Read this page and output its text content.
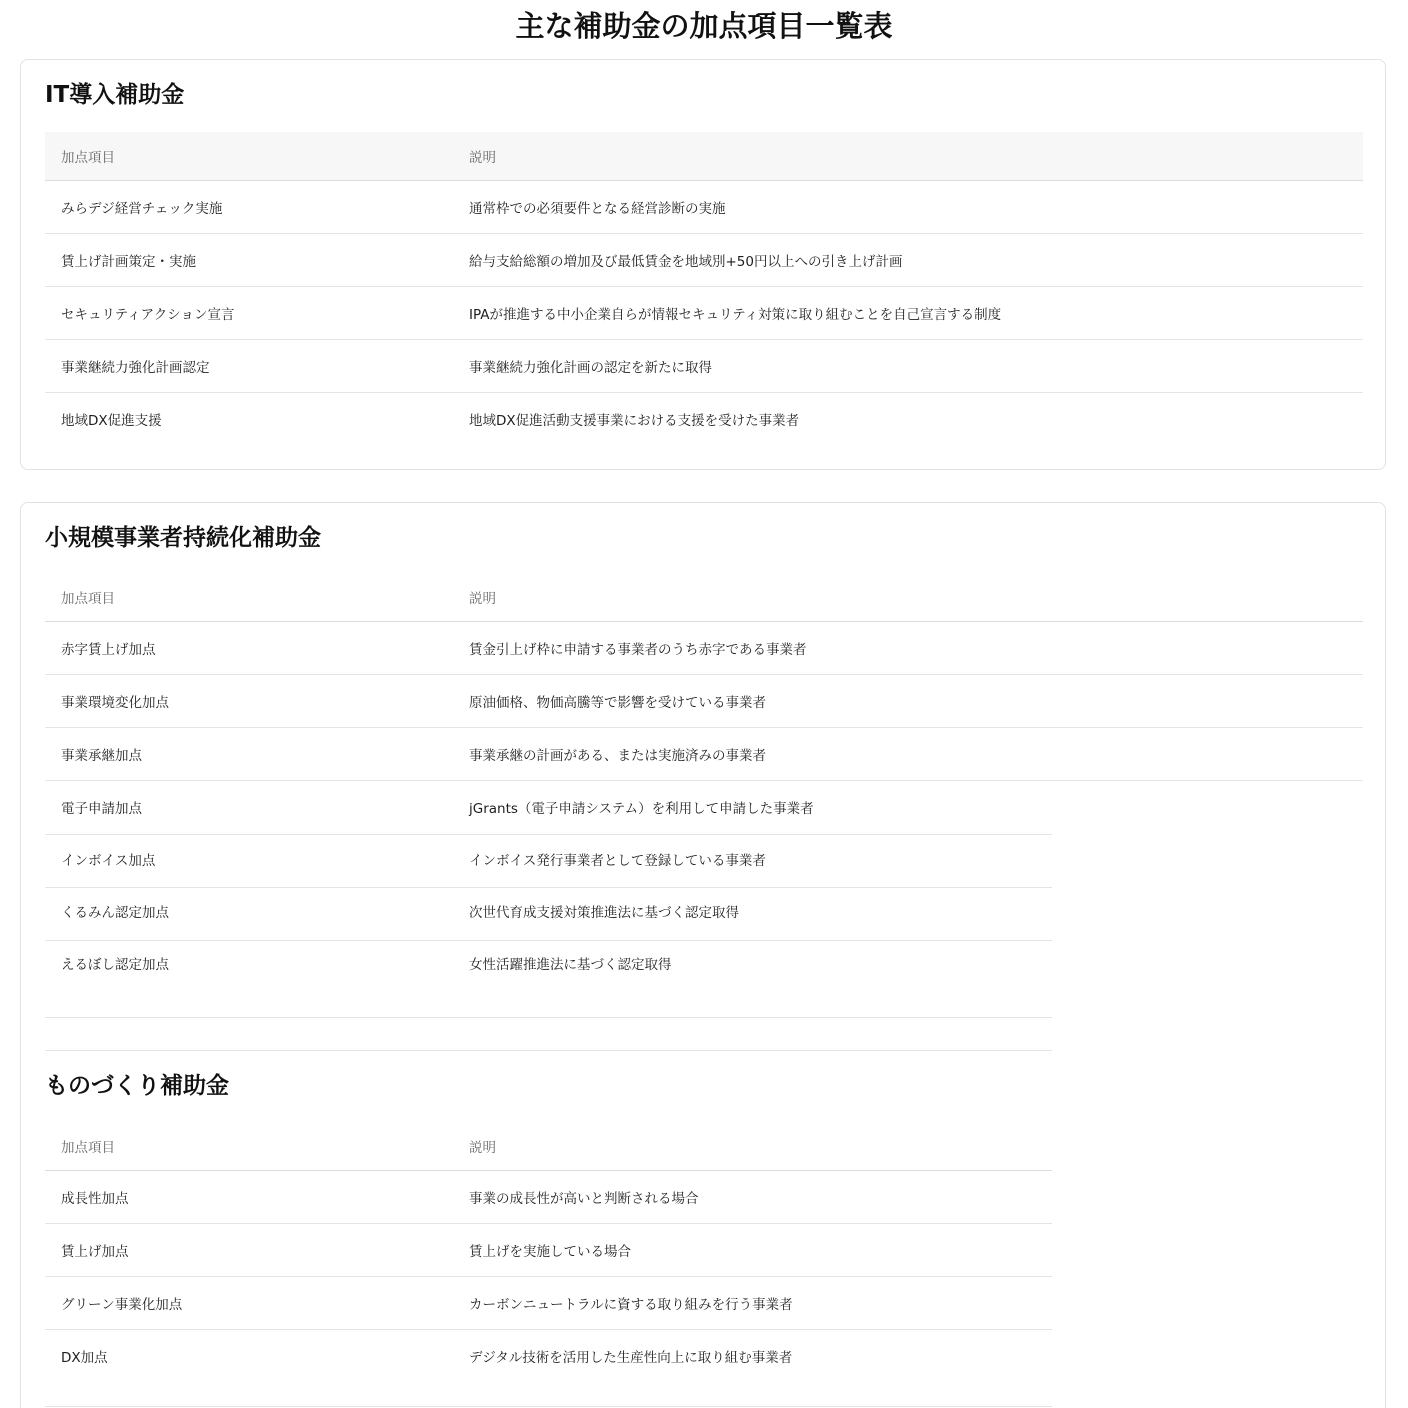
主な補助金の加点項目一覧表
IT導入補助金
加点項目	説明
みらデジ経営チェック実施	通常枠での必須要件となる経営診断の実施
賃上げ計画策定・実施	給与支給総額の増加及び最低賃金を地域別+50円以上への引き上げ計画
セキュリティアクション宣言	IPAが推進する中小企業自らが情報セキュリティ対策に取り組むことを自己宣言する制度
事業継続力強化計画認定	事業継続力強化計画の認定を新たに取得
地域DX促進支援	地域DX促進活動支援事業における支援を受けた事業者
小規模事業者持続化補助金
加点項目	説明
赤字賃上げ加点	賃金引上げ枠に申請する事業者のうち赤字である事業者
事業環境変化加点	原油価格、物価高騰等で影響を受けている事業者
事業承継加点	事業承継の計画がある、または実施済みの事業者
電子申請加点	jGrants（電子申請システム）を利用して申請した事業者
インボイス加点	インボイス発行事業者として登録している事業者
くるみん認定加点	次世代育成支援対策推進法に基づく認定取得
えるぼし認定加点	女性活躍推進法に基づく認定取得
ものづくり補助金
加点項目	説明
成長性加点	事業の成長性が高いと判断される場合
賃上げ加点	賃上げを実施している場合
グリーン事業化加点	カーボンニュートラルに資する取り組みを行う事業者
DX加点	デジタル技術を活用した生産性向上に取り組む事業者
